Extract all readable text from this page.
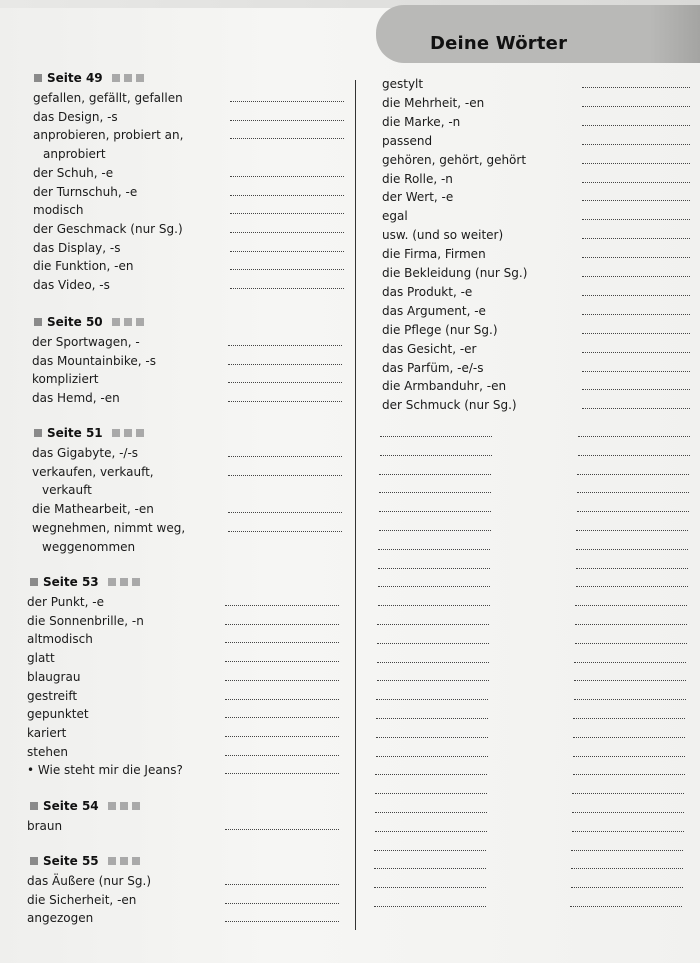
Deine Wörter
Seite 49
gefallen, gefällt, gefallen
das Design, -s
anprobieren, probiert an,
anprobiert
der Schuh, -e
der Turnschuh, -e
modisch
der Geschmack (nur Sg.)
das Display, -s
die Funktion, -en
das Video, -s
Seite 50
der Sportwagen, -
das Mountainbike, -s
kompliziert
das Hemd, -en
Seite 51
das Gigabyte, -/-s
verkaufen, verkauft,
verkauft
die Mathearbeit, -en
wegnehmen, nimmt weg,
weggenommen
Seite 53
der Punkt, -e
die Sonnenbrille, -n
altmodisch
glatt
blaugrau
gestreift
gepunktet
kariert
stehen
• Wie steht mir die Jeans?
Seite 54
braun
Seite 55
das Äußere (nur Sg.)
die Sicherheit, -en
angezogen
gestylt
die Mehrheit, -en
die Marke, -n
passend
gehören, gehört, gehört
die Rolle, -n
der Wert, -e
egal
usw. (und so weiter)
die Firma, Firmen
die Bekleidung (nur Sg.)
das Produkt, -e
das Argument, -e
die Pflege (nur Sg.)
das Gesicht, -er
das Parfüm, -e/-s
die Armbanduhr, -en
der Schmuck (nur Sg.)
